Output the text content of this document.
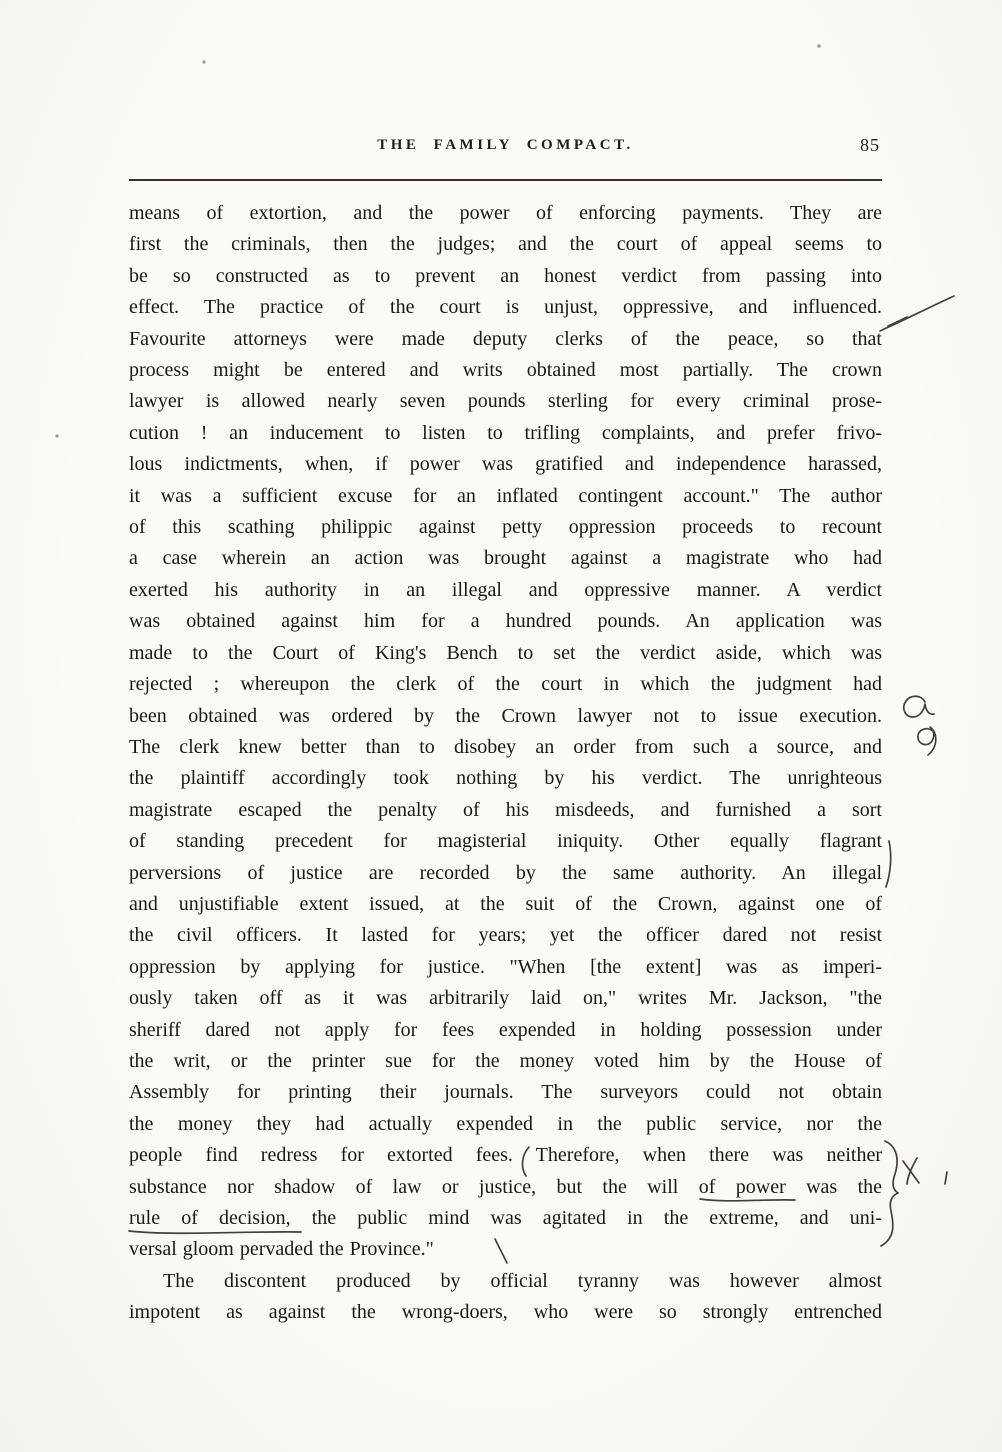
THE FAMILY COMPACT.	85
means of extortion, and the power of enforcing payments. They are
first the criminals, then the judges; and the court of appeal seems to
be so constructed as to prevent an honest verdict from passing into
effect. The practice of the court is unjust, oppressive, and influenced.
Favourite attorneys were made deputy clerks of the peace, so that
process might be entered and writs obtained most partially. The crown
lawyer is allowed nearly seven pounds sterling for every criminal prose-
cution ! an inducement to listen to trifling complaints, and prefer frivo-
lous indictments, when, if power was gratified and independence harassed,
it was a sufficient excuse for an inflated contingent account." The author
of this scathing philippic against petty oppression proceeds to recount
a case wherein an action was brought against a magistrate who had
exerted his authority in an illegal and oppressive manner. A verdict
was obtained against him for a hundred pounds. An application was
made to the Court of King's Bench to set the verdict aside, which was
rejected ; whereupon the clerk of the court in which the judgment had
been obtained was ordered by the Crown lawyer not to issue execution.
The clerk knew better than to disobey an order from such a source, and
the plaintiff accordingly took nothing by his verdict. The unrighteous
magistrate escaped the penalty of his misdeeds, and furnished a sort
of standing precedent for magisterial iniquity. Other equally flagrant
perversions of justice are recorded by the same authority. An illegal
and unjustifiable extent issued, at the suit of the Crown, against one of
the civil officers. It lasted for years; yet the officer dared not resist
oppression by applying for justice. "When [the extent] was as imperi-
ously taken off as it was arbitrarily laid on," writes Mr. Jackson, "the
sheriff dared not apply for fees expended in holding possession under
the writ, or the printer sue for the money voted him by the House of
Assembly for printing their journals. The surveyors could not obtain
the money they had actually expended in the public service, nor the
people find redress for extorted fees. Therefore, when there was neither
substance nor shadow of law or justice, but the will of power was the
rule of decision, the public mind was agitated in the extreme, and uni-
versal gloom pervaded the Province."
The discontent produced by official tyranny was however almost
impotent as against the wrong-doers, who were so strongly entrenched
